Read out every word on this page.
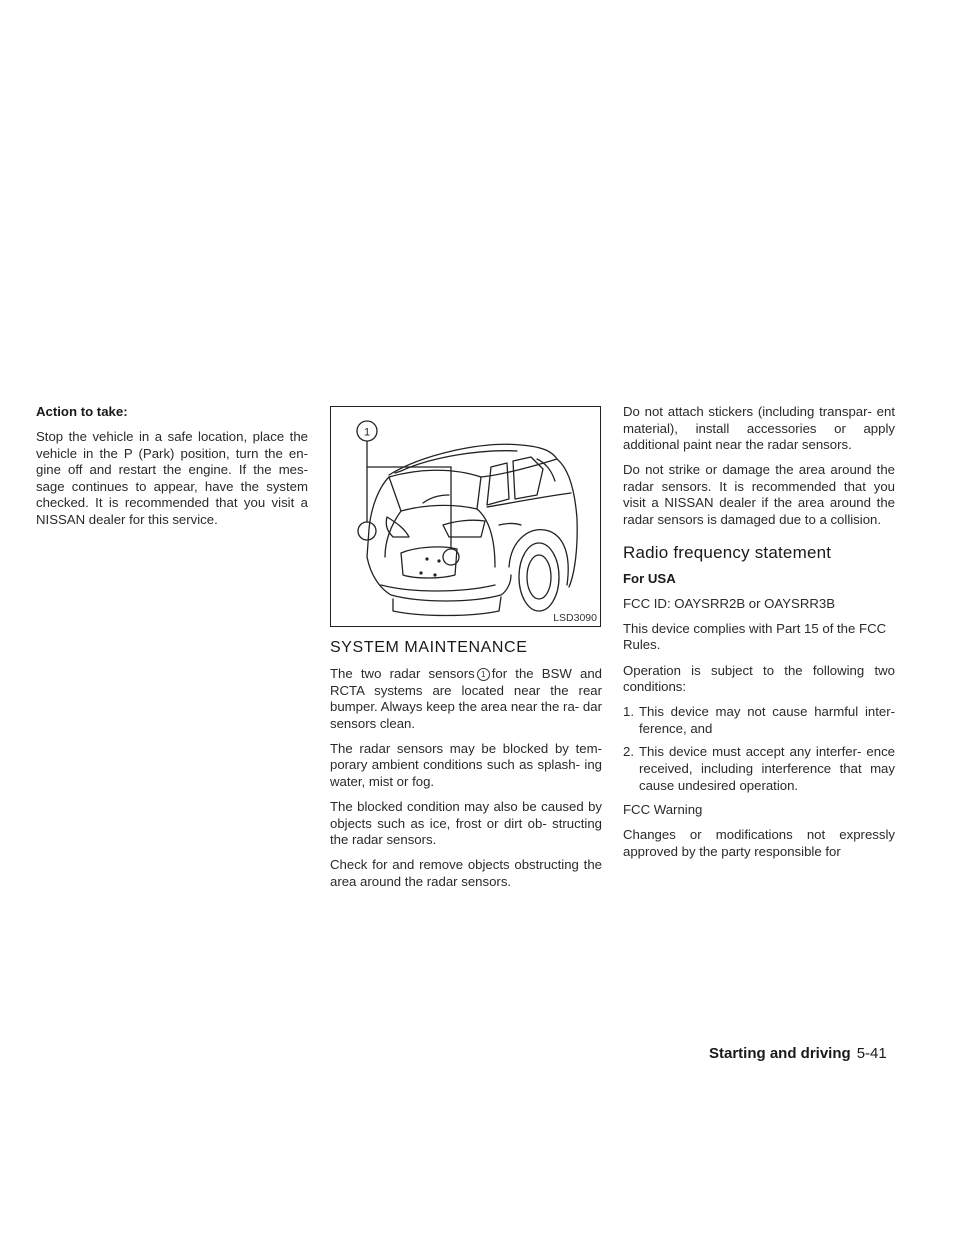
Action to take:

Stop the vehicle in a safe location, place the vehicle in the P (Park) position, turn the en- gine off and restart the engine. If the mes- sage continues to appear, have the system checked. It is recommended that you visit a NISSAN dealer for this service.

1
LSD3090
SYSTEM MAINTENANCE

The two radar sensors 1 for the BSW and RCTA systems are located near the rear bumper. Always keep the area near the ra- dar sensors clean.

The radar sensors may be blocked by tem- porary ambient conditions such as splash- ing water, mist or fog.

The blocked condition may also be caused by objects such as ice, frost or dirt ob- structing the radar sensors.

Check for and remove objects obstructing the area around the radar sensors.

Do not attach stickers (including transpar- ent material), install accessories or apply additional paint near the radar sensors.

Do not strike or damage the area around the radar sensors. It is recommended that you visit a NISSAN dealer if the area around the radar sensors is damaged due to a collision.

Radio frequency statement

For USA

FCC ID: OAYSRR2B or OAYSRR3B

This device complies with Part 15 of the FCC Rules.

Operation is subject to the following two conditions:

1. This device may not cause harmful inter- ference, and
2. This device must accept any interfer- ence received, including interference that may cause undesired operation.

FCC Warning

Changes or modifications not expressly approved by the party responsible for

Starting and driving 5-41
